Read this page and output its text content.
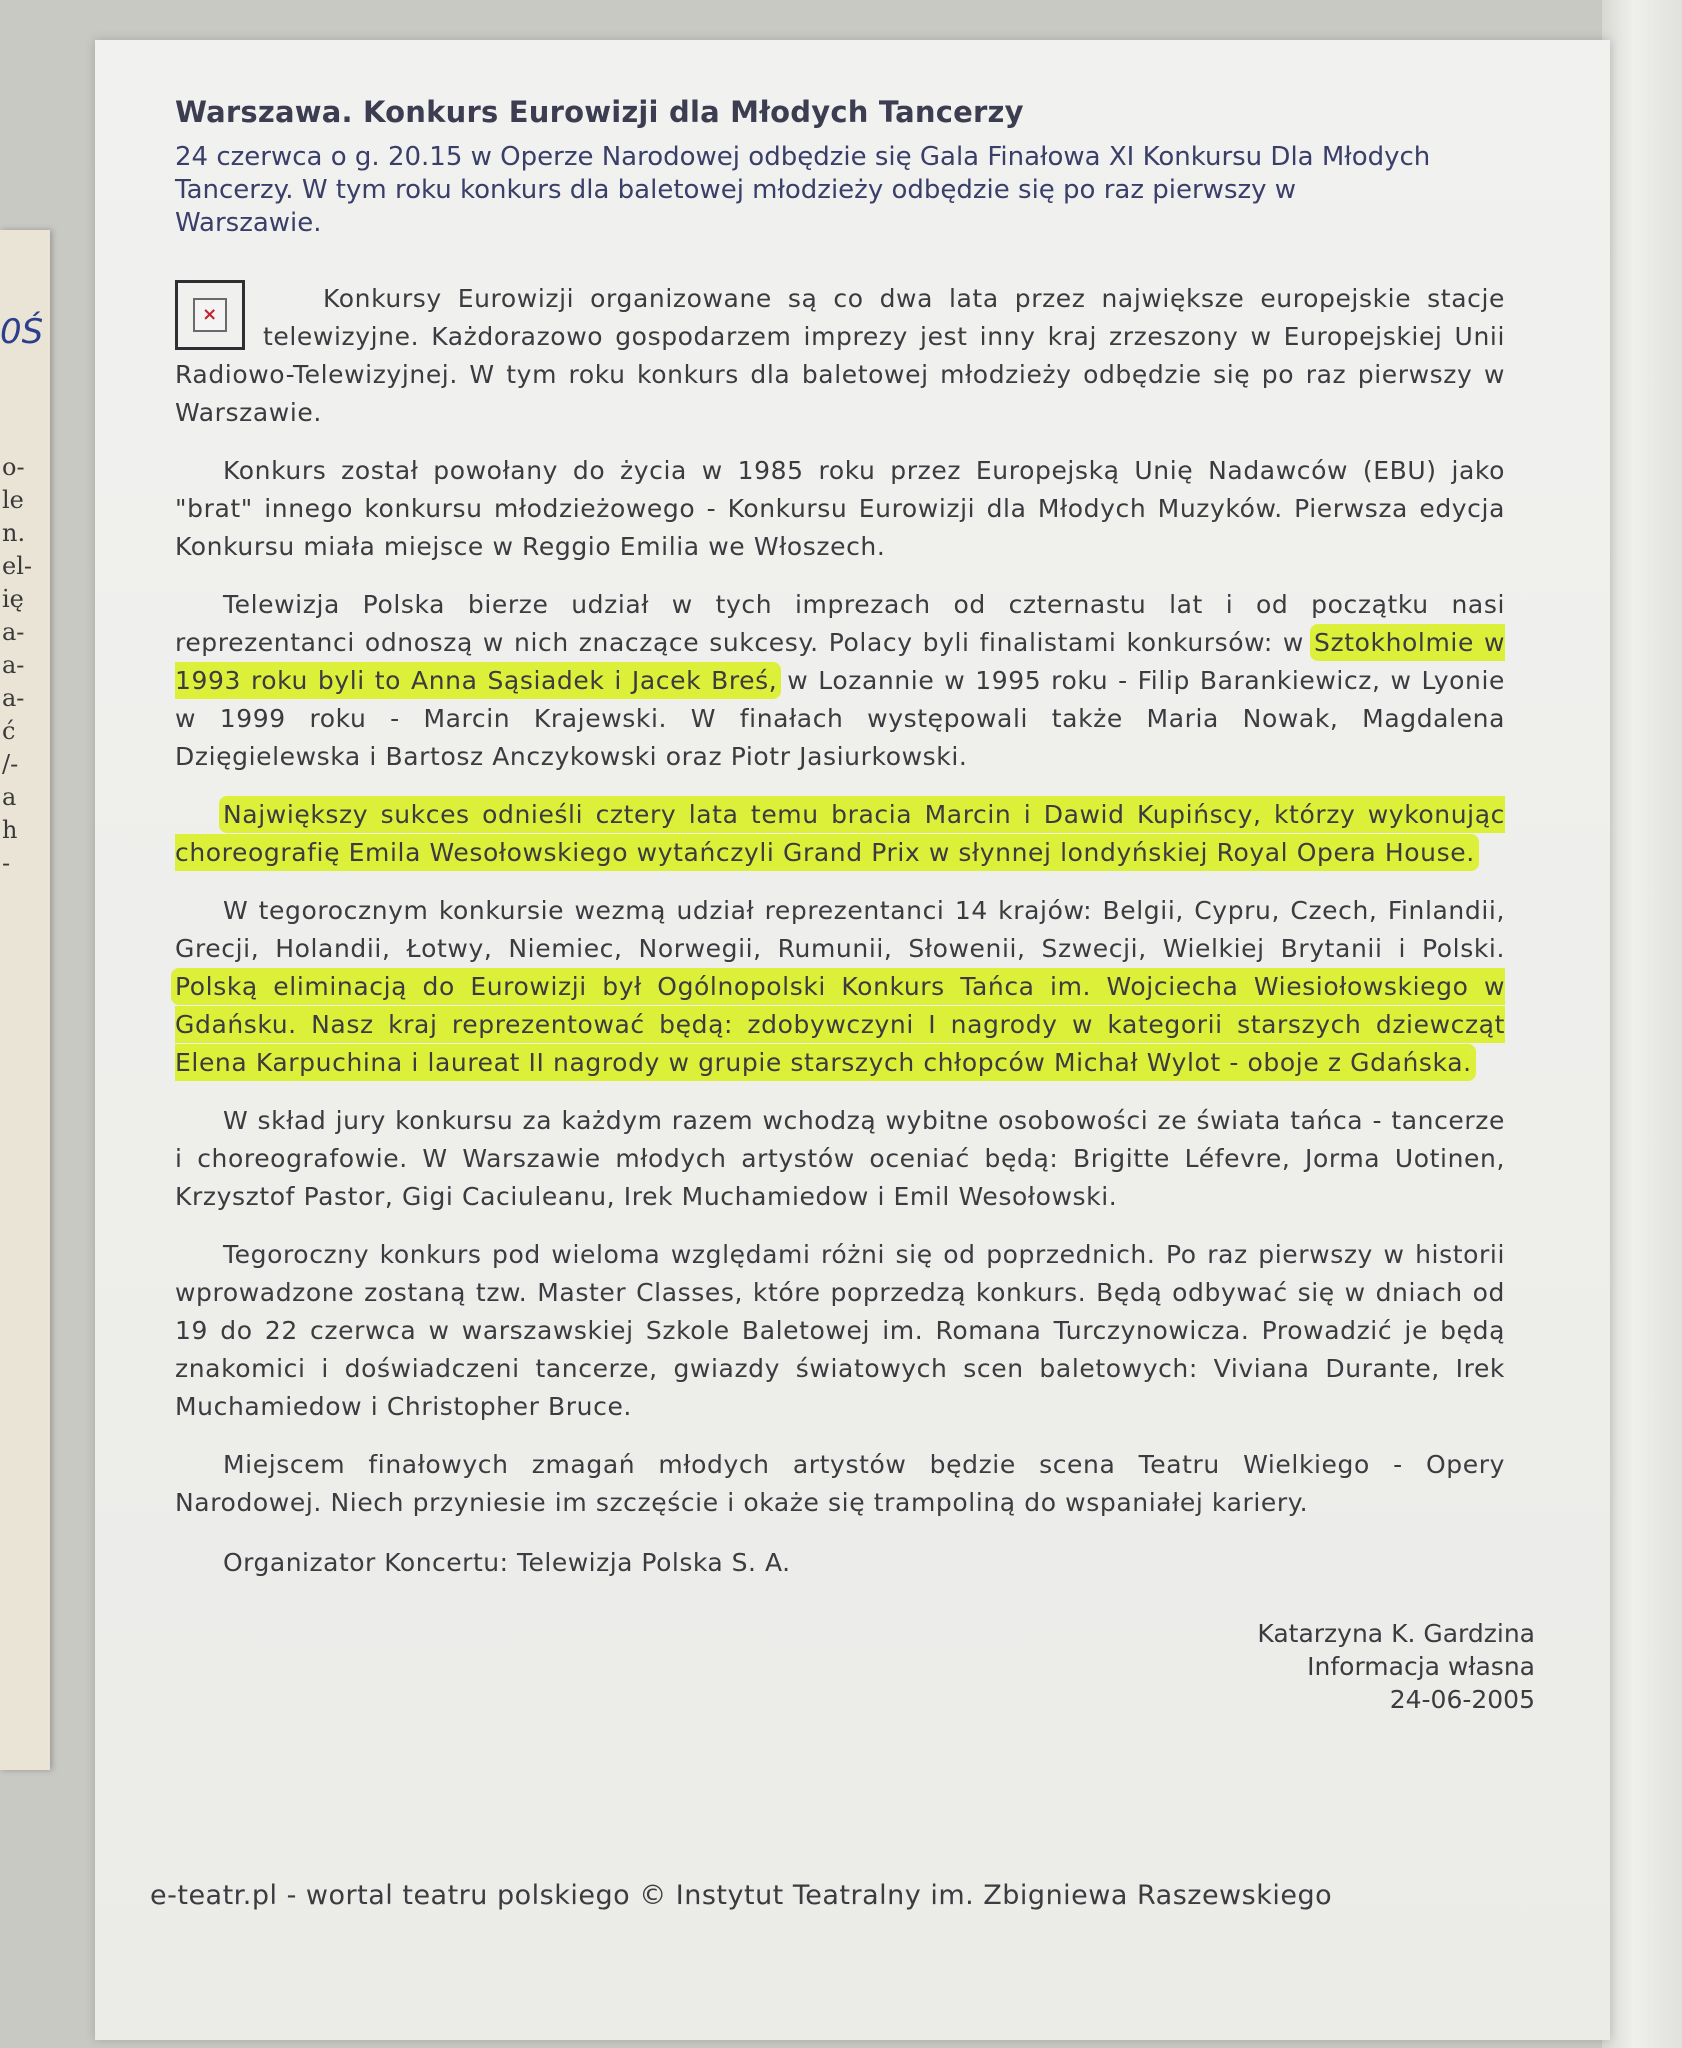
0Ś
o-
le
n.
el-
ię
a-
a-
a-
ć
/-
a
h
-
Warszawa. Konkurs Eurowizji dla Młodych Tancerzy
24 czerwca o g. 20.15 w Operze Narodowej odbędzie się Gala Finałowa XI Konkursu Dla Młodych Tancerzy. W tym roku konkurs dla baletowej młodzieży odbędzie się po raz pierwszy w Warszawie.

×
Konkursy Eurowizji organizowane są co dwa lata przez największe europejskie stacje telewizyjne. Każdorazowo gospodarzem imprezy jest inny kraj zrzeszony w Europejskiej Unii Radiowo-Telewizyjnej. W tym roku konkurs dla baletowej młodzieży odbędzie się po raz pierwszy w Warszawie.

Konkurs został powołany do życia w 1985 roku przez Europejską Unię Nadawców (EBU) jako "brat" innego konkursu młodzieżowego - Konkursu Eurowizji dla Młodych Muzyków. Pierwsza edycja Konkursu miała miejsce w Reggio Emilia we Włoszech.

Telewizja Polska bierze udział w tych imprezach od czternastu lat i od początku nasi reprezentanci odnoszą w nich znaczące sukcesy. Polacy byli finalistami konkursów: w Sztokholmie w 1993 roku byli to Anna Sąsiadek i Jacek Breś, w Lozannie w 1995 roku - Filip Barankiewicz, w Lyonie w 1999 roku - Marcin Krajewski. W finałach występowali także Maria Nowak, Magdalena Dzięgielewska i Bartosz Anczykowski oraz Piotr Jasiurkowski.

Największy sukces odnieśli cztery lata temu bracia Marcin i Dawid Kupińscy, którzy wykonując choreografię Emila Wesołowskiego wytańczyli Grand Prix w słynnej londyńskiej Royal Opera House.

W tegorocznym konkursie wezmą udział reprezentanci 14 krajów: Belgii, Cypru, Czech, Finlandii, Grecji, Holandii, Łotwy, Niemiec, Norwegii, Rumunii, Słowenii, Szwecji, Wielkiej Brytanii i Polski. Polską eliminacją do Eurowizji był Ogólnopolski Konkurs Tańca im. Wojciecha Wiesiołowskiego w Gdańsku. Nasz kraj reprezentować będą: zdobywczyni I nagrody w kategorii starszych dziewcząt Elena Karpuchina i laureat II nagrody w grupie starszych chłopców Michał Wylot - oboje z Gdańska.

W skład jury konkursu za każdym razem wchodzą wybitne osobowości ze świata tańca - tancerze i choreografowie. W Warszawie młodych artystów oceniać będą: Brigitte Léfevre, Jorma Uotinen, Krzysztof Pastor, Gigi Caciuleanu, Irek Muchamiedow i Emil Wesołowski.

Tegoroczny konkurs pod wieloma względami różni się od poprzednich. Po raz pierwszy w historii wprowadzone zostaną tzw. Master Classes, które poprzedzą konkurs. Będą odbywać się w dniach od 19 do 22 czerwca w warszawskiej Szkole Baletowej im. Romana Turczynowicza. Prowadzić je będą znakomici i doświadczeni tancerze, gwiazdy światowych scen baletowych: Viviana Durante, Irek Muchamiedow i Christopher Bruce.

Miejscem finałowych zmagań młodych artystów będzie scena Teatru Wielkiego - Opery Narodowej. Niech przyniesie im szczęście i okaże się trampoliną do wspaniałej kariery.

Organizator Koncertu: Telewizja Polska S. A.
Katarzyna K. Gardzina
Informacja własna
24-06-2005
e-teatr.pl - wortal teatru polskiego © Instytut Teatralny im. Zbigniewa Raszewskiego
